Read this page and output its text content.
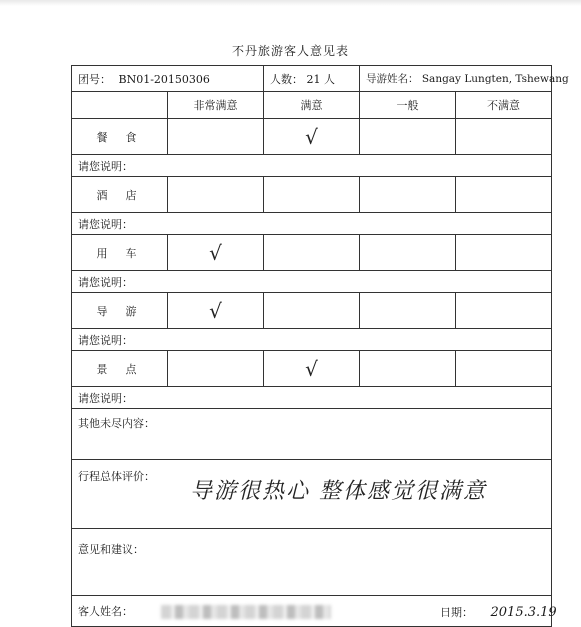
不丹旅游客人意见表
团号： BN01-20150306		人数： 21 人	导游姓名： Sangay Lungten, Tshewang	
	非常满意	满意	一般	不满意
餐食		√		
请您说明：				
酒店				
请您说明：				
用车	√			
请您说明：				
导游	√			
请您说明：				
景点		√		
请您说明：				
其他未尽内容：				
行程总体评价：
导游很热心 整体感觉很满意				

意见和建议：				
客人姓名： 日期： 2015.3.19				
